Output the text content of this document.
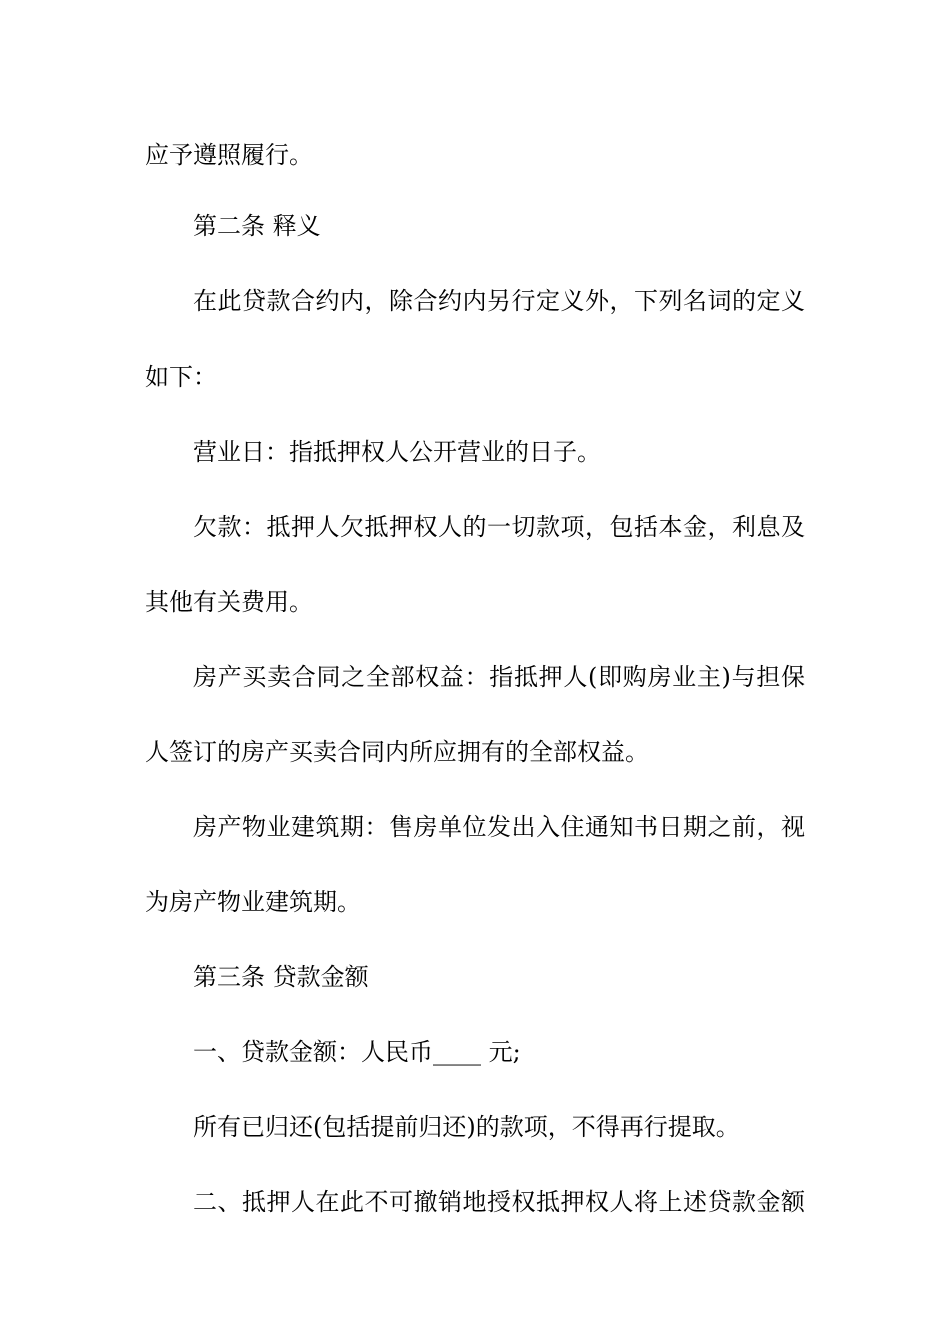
应予遵照履行。

第二条 释义

在此贷款合约内，除合约内另行定义外，下列名词的定义

如下：

营业日：指抵押权人公开营业的日子。

欠款：抵押人欠抵押权人的一切款项，包括本金，利息及

其他有关费用。

房产买卖合同之全部权益：指抵押人(即购房业主)与担保

人签订的房产买卖合同内所应拥有的全部权益。

房产物业建筑期：售房单位发出入住通知书日期之前，视

为房产物业建筑期。

第三条 贷款金额

一、贷款金额：人民币____ 元;

所有已归还(包括提前归还)的款项，不得再行提取。

二、抵押人在此不可撤销地授权抵押权人将上述贷款金额
